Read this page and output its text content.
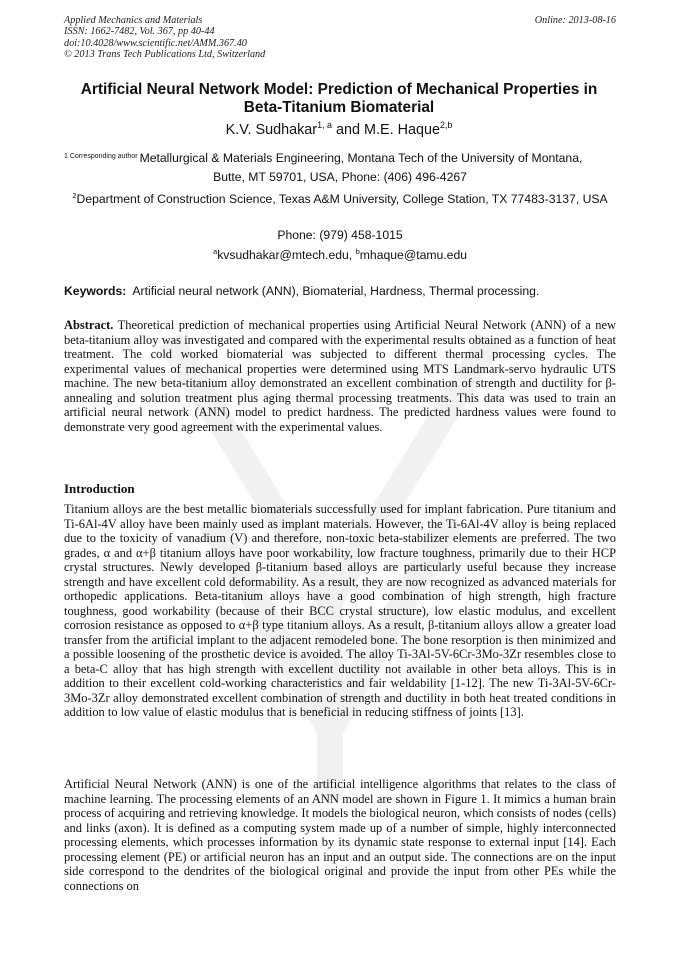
Applied Mechanics and Materials
ISSN: 1662-7482, Vol. 367, pp 40-44
doi:10.4028/www.scientific.net/AMM.367.40
© 2013 Trans Tech Publications Ltd, Switzerland
Online: 2013-08-16
Artificial Neural Network Model: Prediction of Mechanical Properties in
Beta-Titanium Biomaterial
K.V. Sudhakar$^{1, a}$ and M.E. Haque$^{2,b}$
$^{1 Corresponding author}$ Metallurgical & Materials Engineering, Montana Tech of the University of Montana,
Butte, MT 59701, USA, Phone: (406) 496-4267
$^2$Department of Construction Science, Texas A&M University, College Station, TX 77483-3137, USA
Phone: (979) 458-1015
$^a$kvsudhakar@mtech.edu, $^b$mhaque@tamu.edu
Keywords: Artificial neural network (ANN), Biomaterial, Hardness, Thermal processing.

Abstract. Theoretical prediction of mechanical properties using Artificial Neural Network (ANN) of a new beta-titanium alloy was investigated and compared with the experimental results obtained as a function of heat treatment. The cold worked biomaterial was subjected to different thermal processing cycles. The experimental values of mechanical properties were determined using MTS Landmark-servo hydraulic UTS machine. The new beta-titanium alloy demonstrated an excellent combination of strength and ductility for β-annealing and solution treatment plus aging thermal processing treatments. This data was used to train an artificial neural network (ANN) model to predict hardness. The predicted hardness values were found to demonstrate very good agreement with the experimental values.

Introduction

Titanium alloys are the best metallic biomaterials successfully used for implant fabrication. Pure titanium and Ti-6Al-4V alloy have been mainly used as implant materials. However, the Ti-6Al-4V alloy is being replaced due to the toxicity of vanadium (V) and therefore, non-toxic beta-stabilizer elements are preferred. The two grades, α and α+β titanium alloys have poor workability, low fracture toughness, primarily due to their HCP crystal structures. Newly developed β-titanium based alloys are particularly useful because they increase strength and have excellent cold deformability. As a result, they are now recognized as advanced materials for orthopedic applications. Beta-titanium alloys have a good combination of high strength, high fracture toughness, good workability (because of their BCC crystal structure), low elastic modulus, and excellent corrosion resistance as opposed to α+β type titanium alloys. As a result, β-titanium alloys allow a greater load transfer from the artificial implant to the adjacent remodeled bone. The bone resorption is then minimized and a possible loosening of the prosthetic device is avoided. The alloy Ti-3Al-5V-6Cr-3Mo-3Zr resembles close to a beta-C alloy that has high strength with excellent ductility not available in other beta alloys. This is in addition to their excellent cold-working characteristics and fair weldability [1-12]. The new Ti-3Al-5V-6Cr-3Mo-3Zr alloy demonstrated excellent combination of strength and ductility in both heat treated conditions in addition to low value of elastic modulus that is beneficial in reducing stiffness of joints [13].

Artificial Neural Network (ANN) is one of the artificial intelligence algorithms that relates to the class of machine learning. The processing elements of an ANN model are shown in Figure 1. It mimics a human brain process of acquiring and retrieving knowledge. It models the biological neuron, which consists of nodes (cells) and links (axon). It is defined as a computing system made up of a number of simple, highly interconnected processing elements, which processes information by its dynamic state response to external input [14]. Each processing element (PE) or artificial neuron has an input and an output side. The connections are on the input side correspond to the dendrites of the biological original and provide the input from other PEs while the connections on
